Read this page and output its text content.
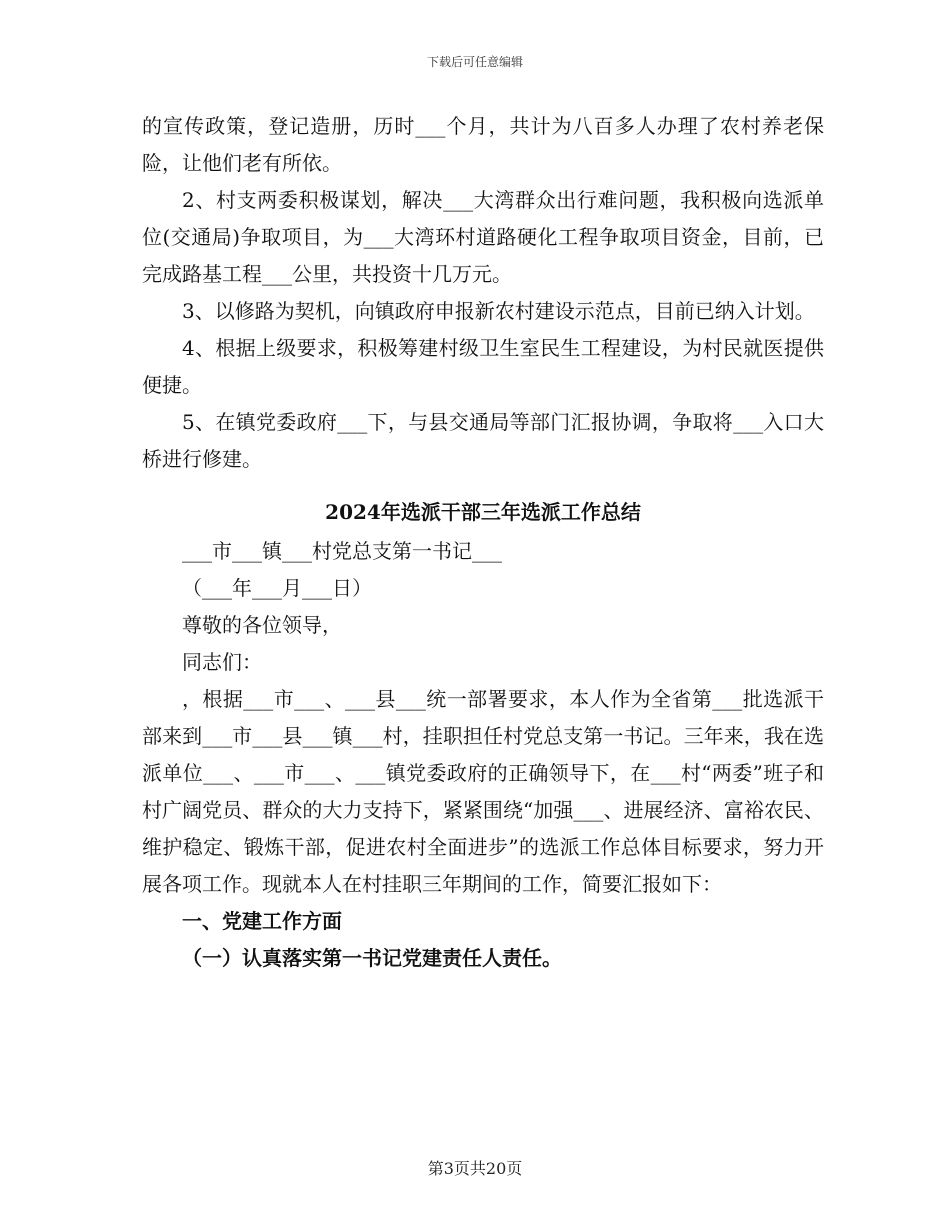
下载后可任意编辑

的宣传政策，登记造册，历时___个月，共计为八百多人办理了农村养老保险，让他们老有所依。

2、村支两委积极谋划，解决___大湾群众出行难问题，我积极向选派单位(交通局)争取项目，为___大湾环村道路硬化工程争取项目资金，目前，已完成路基工程___公里，共投资十几万元。

3、以修路为契机，向镇政府申报新农村建设示范点，目前已纳入计划。

4、根据上级要求，积极筹建村级卫生室民生工程建设，为村民就医提供便捷。

5、在镇党委政府___下，与县交通局等部门汇报协调，争取将___入口大桥进行修建。

2024年选派干部三年选派工作总结

___市___镇___村党总支第一书记___

（___年___月___日）

尊敬的各位领导，

同志们：

，根据___市___、___县___统一部署要求，本人作为全省第___批选派干部来到___市___县___镇___村，挂职担任村党总支第一书记。三年来，我在选派单位___、___市___、___镇党委政府的正确领导下，在___村“两委”班子和村广阔党员、群众的大力支持下，紧紧围绕“加强___、进展经济、富裕农民、维护稳定、锻炼干部，促进农村全面进步”的选派工作总体目标要求，努力开展各项工作。现就本人在村挂职三年期间的工作，简要汇报如下：

一、党建工作方面

（一）认真落实第一书记党建责任人责任。

第3页共20页
